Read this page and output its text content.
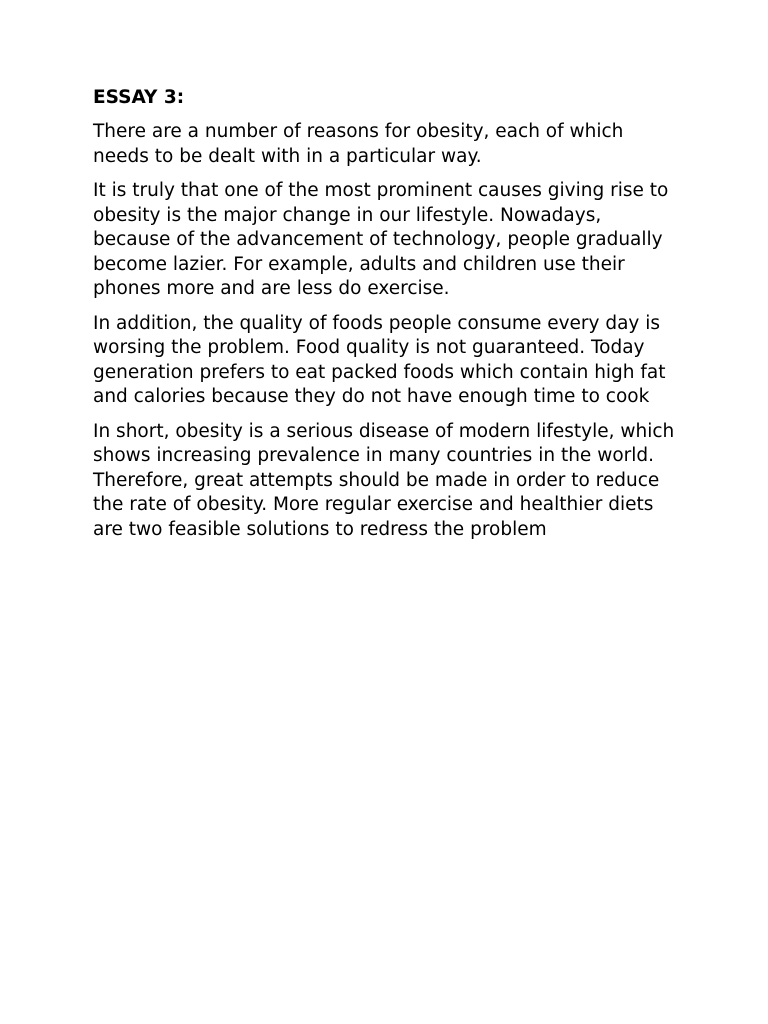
ESSAY 3:

There are a number of reasons for obesity, each of which needs to be dealt with in a particular way.

It is truly that one of the most prominent causes giving rise to obesity is the major change in our lifestyle. Nowadays, because of the advancement of technology, people gradually become lazier. For example, adults and children use their phones more and are less do exercise.

In addition, the quality of foods people consume every day is worsing the problem. Food quality is not guaranteed. Today generation prefers to eat packed foods which contain high fat and calories because they do not have enough time to cook

In short, obesity is a serious disease of modern lifestyle, which shows increasing prevalence in many countries in the world. Therefore, great attempts should be made in order to reduce the rate of obesity. More regular exercise and healthier diets are two feasible solutions to redress the problem
